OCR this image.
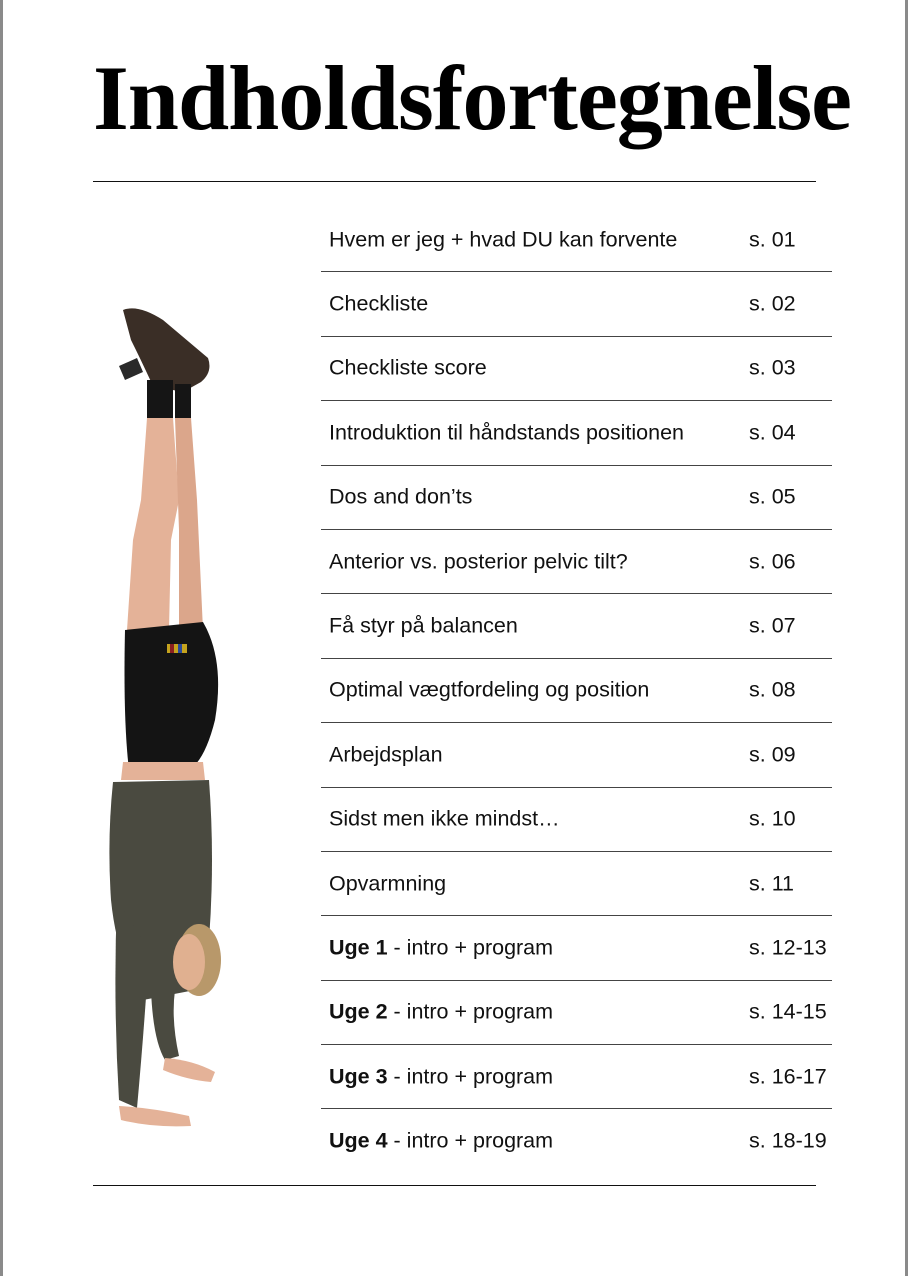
Indholdsfortegnelse
Hvem er jeg + hvad DU kan forvente	s. 01
Checkliste	s. 02
Checkliste score	s. 03
Introduktion til håndstands positionen	s. 04
Dos and don’ts	s. 05
Anterior vs. posterior pelvic tilt?	s. 06
Få styr på balancen	s. 07
Optimal vægtfordeling og position	s. 08
Arbejdsplan	s. 09
Sidst men ikke mindst…	s. 10
Opvarmning	s. 11
Uge 1 - intro + program	s. 12-13
Uge 2 - intro + program	s. 14-15
Uge 3 - intro + program	s. 16-17
Uge 4 - intro + program	s. 18-19
